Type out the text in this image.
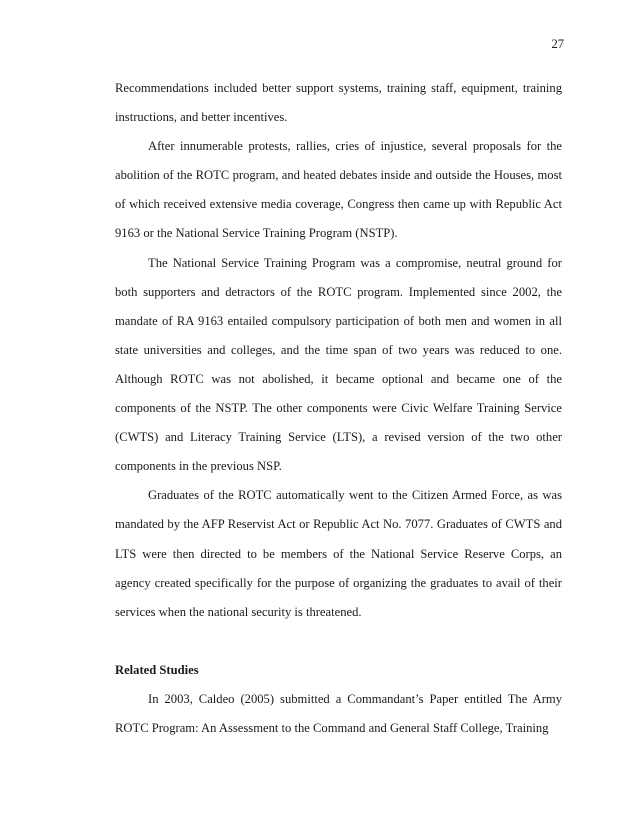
27

Recommendations included better support systems, training staff, equipment, training instructions, and better incentives.

After innumerable protests, rallies, cries of injustice, several proposals for the abolition of the ROTC program, and heated debates inside and outside the Houses, most of which received extensive media coverage, Congress then came up with Republic Act 9163 or the National Service Training Program (NSTP).

The National Service Training Program was a compromise, neutral ground for both supporters and detractors of the ROTC program. Implemented since 2002, the mandate of RA 9163 entailed compulsory participation of both men and women in all state universities and colleges, and the time span of two years was reduced to one. Although ROTC was not abolished, it became optional and became one of the components of the NSTP. The other components were Civic Welfare Training Service (CWTS) and Literacy Training Service (LTS), a revised version of the two other components in the previous NSP.

Graduates of the ROTC automatically went to the Citizen Armed Force, as was mandated by the AFP Reservist Act or Republic Act No. 7077. Graduates of CWTS and LTS were then directed to be members of the National Service Reserve Corps, an agency created specifically for the purpose of organizing the graduates to avail of their services when the national security is threatened.

Related Studies

In 2003, Caldeo (2005) submitted a Commandant’s Paper entitled The Army ROTC Program: An Assessment to the Command and General Staff College, Training
